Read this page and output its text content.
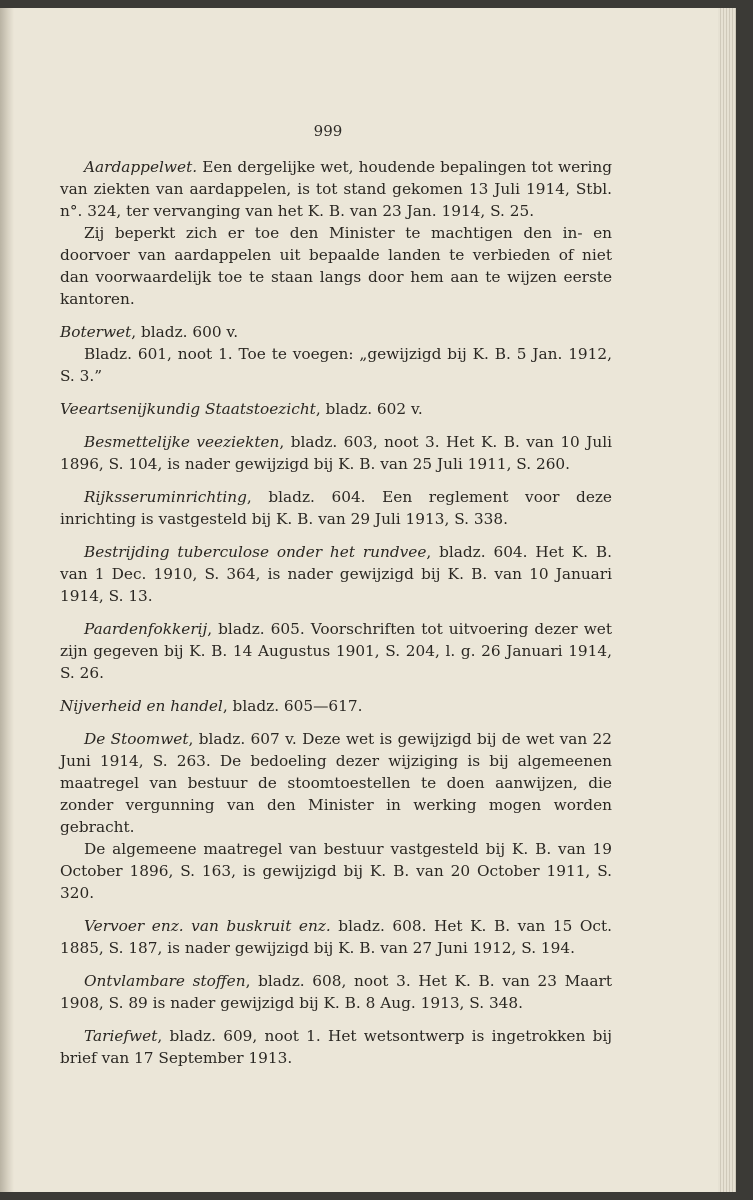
999

Aardappelwet. Een dergelijke wet, houdende bepalingen tot wering van ziekten van aardappelen, is tot stand gekomen 13 Juli 1914, Stbl. n°. 324, ter vervanging van het K. B. van 23 Jan. 1914, S. 25.

Zij beperkt zich er toe den Minister te machtigen den in- en doorvoer van aardappelen uit bepaalde landen te verbieden of niet dan voorwaardelijk toe te staan langs door hem aan te wijzen eerste kantoren.

Boterwet, bladz. 600 v.

Bladz. 601, noot 1. Toe te voegen: „gewijzigd bij K. B. 5 Jan. 1912, S. 3.”

Veeartsenijkundig Staatstoezicht, bladz. 602 v.

Besmettelijke veeziekten, bladz. 603, noot 3. Het K. B. van 10 Juli 1896, S. 104, is nader gewijzigd bij K. B. van 25 Juli 1911, S. 260.

Rijksseruminrichting, bladz. 604. Een reglement voor deze inrichting is vastgesteld bij K. B. van 29 Juli 1913, S. 338.

Bestrijding tuberculose onder het rundvee, bladz. 604. Het K. B. van 1 Dec. 1910, S. 364, is nader gewijzigd bij K. B. van 10 Januari 1914, S. 13.

Paardenfokkerij, bladz. 605. Voorschriften tot uitvoering dezer wet zijn gegeven bij K. B. 14 Augustus 1901, S. 204, l. g. 26 Januari 1914, S. 26.

Nijverheid en handel, bladz. 605—617.

De Stoomwet, bladz. 607 v. Deze wet is gewijzigd bij de wet van 22 Juni 1914, S. 263. De bedoeling dezer wijziging is bij algemeenen maatregel van bestuur de stoomtoestellen te doen aanwijzen, die zonder vergunning van den Minister in werking mogen worden gebracht.

De algemeene maatregel van bestuur vastgesteld bij K. B. van 19 October 1896, S. 163, is gewijzigd bij K. B. van 20 October 1911, S. 320.

Vervoer enz. van buskruit enz. bladz. 608. Het K. B. van 15 Oct. 1885, S. 187, is nader gewijzigd bij K. B. van 27 Juni 1912, S. 194.

Ontvlambare stoffen, bladz. 608, noot 3. Het K. B. van 23 Maart 1908, S. 89 is nader gewijzigd bij K. B. 8 Aug. 1913, S. 348.

Tariefwet, bladz. 609, noot 1. Het wetsontwerp is ingetrokken bij brief van 17 September 1913.
